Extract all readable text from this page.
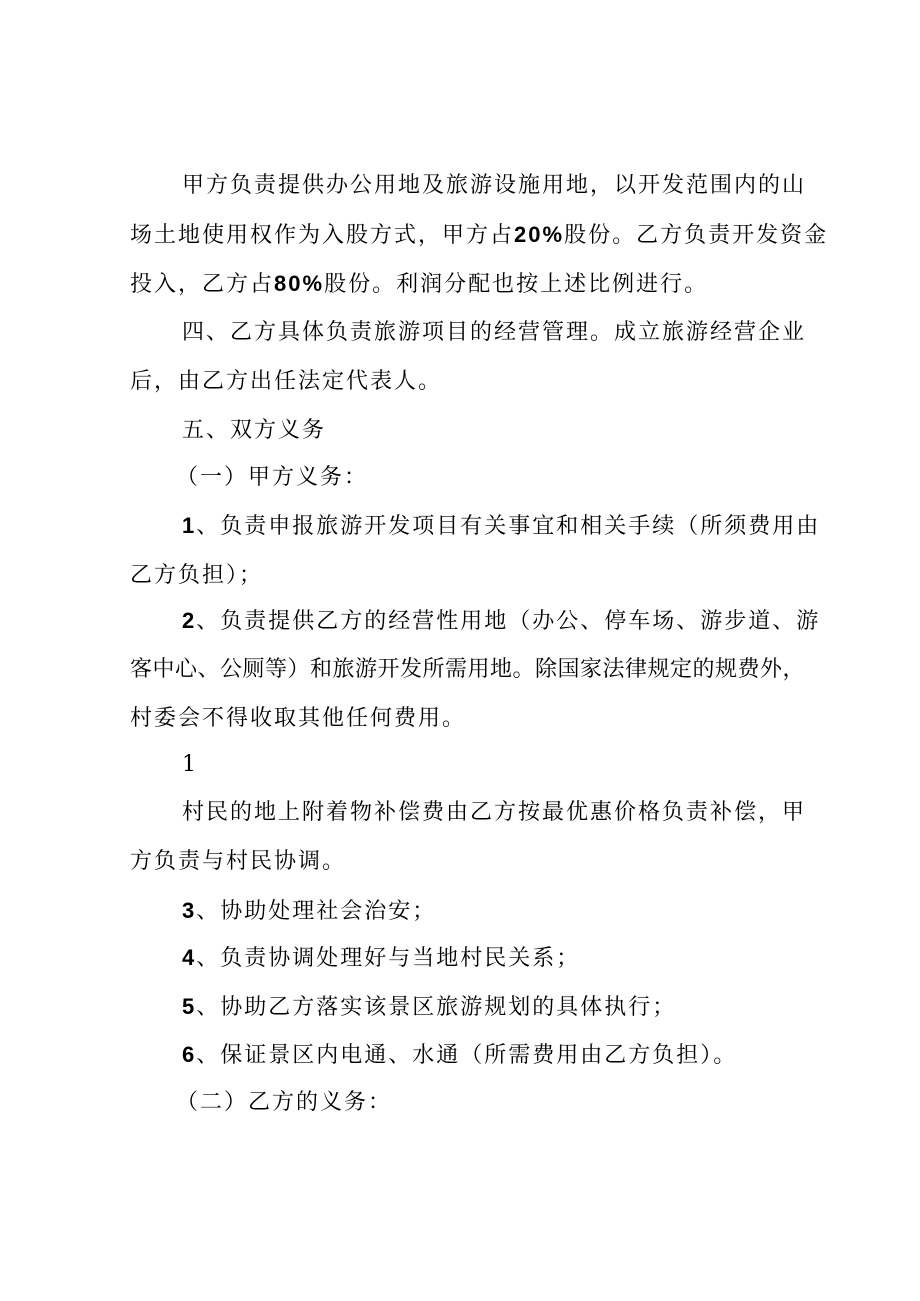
甲方负责提供办公用地及旅游设施用地，以开发范围内的山
场土地使用权作为入股方式，甲方占20%股份。乙方负责开发资金
投入，乙方占80%股份。利润分配也按上述比例进行。
四、乙方具体负责旅游项目的经营管理。成立旅游经营企业
后，由乙方出任法定代表人。
五、双方义务
（一）甲方义务：
1、负责申报旅游开发项目有关事宜和相关手续（所须费用由
乙方负担）；
2、负责提供乙方的经营性用地（办公、停车场、游步道、游
客中心、公厕等）和旅游开发所需用地。除国家法律规定的规费外，
村委会不得收取其他任何费用。
1
村民的地上附着物补偿费由乙方按最优惠价格负责补偿，甲
方负责与村民协调。
3、协助处理社会治安；
4、负责协调处理好与当地村民关系；
5、协助乙方落实该景区旅游规划的具体执行；
6、保证景区内电通、水通（所需费用由乙方负担）。
（二）乙方的义务：
